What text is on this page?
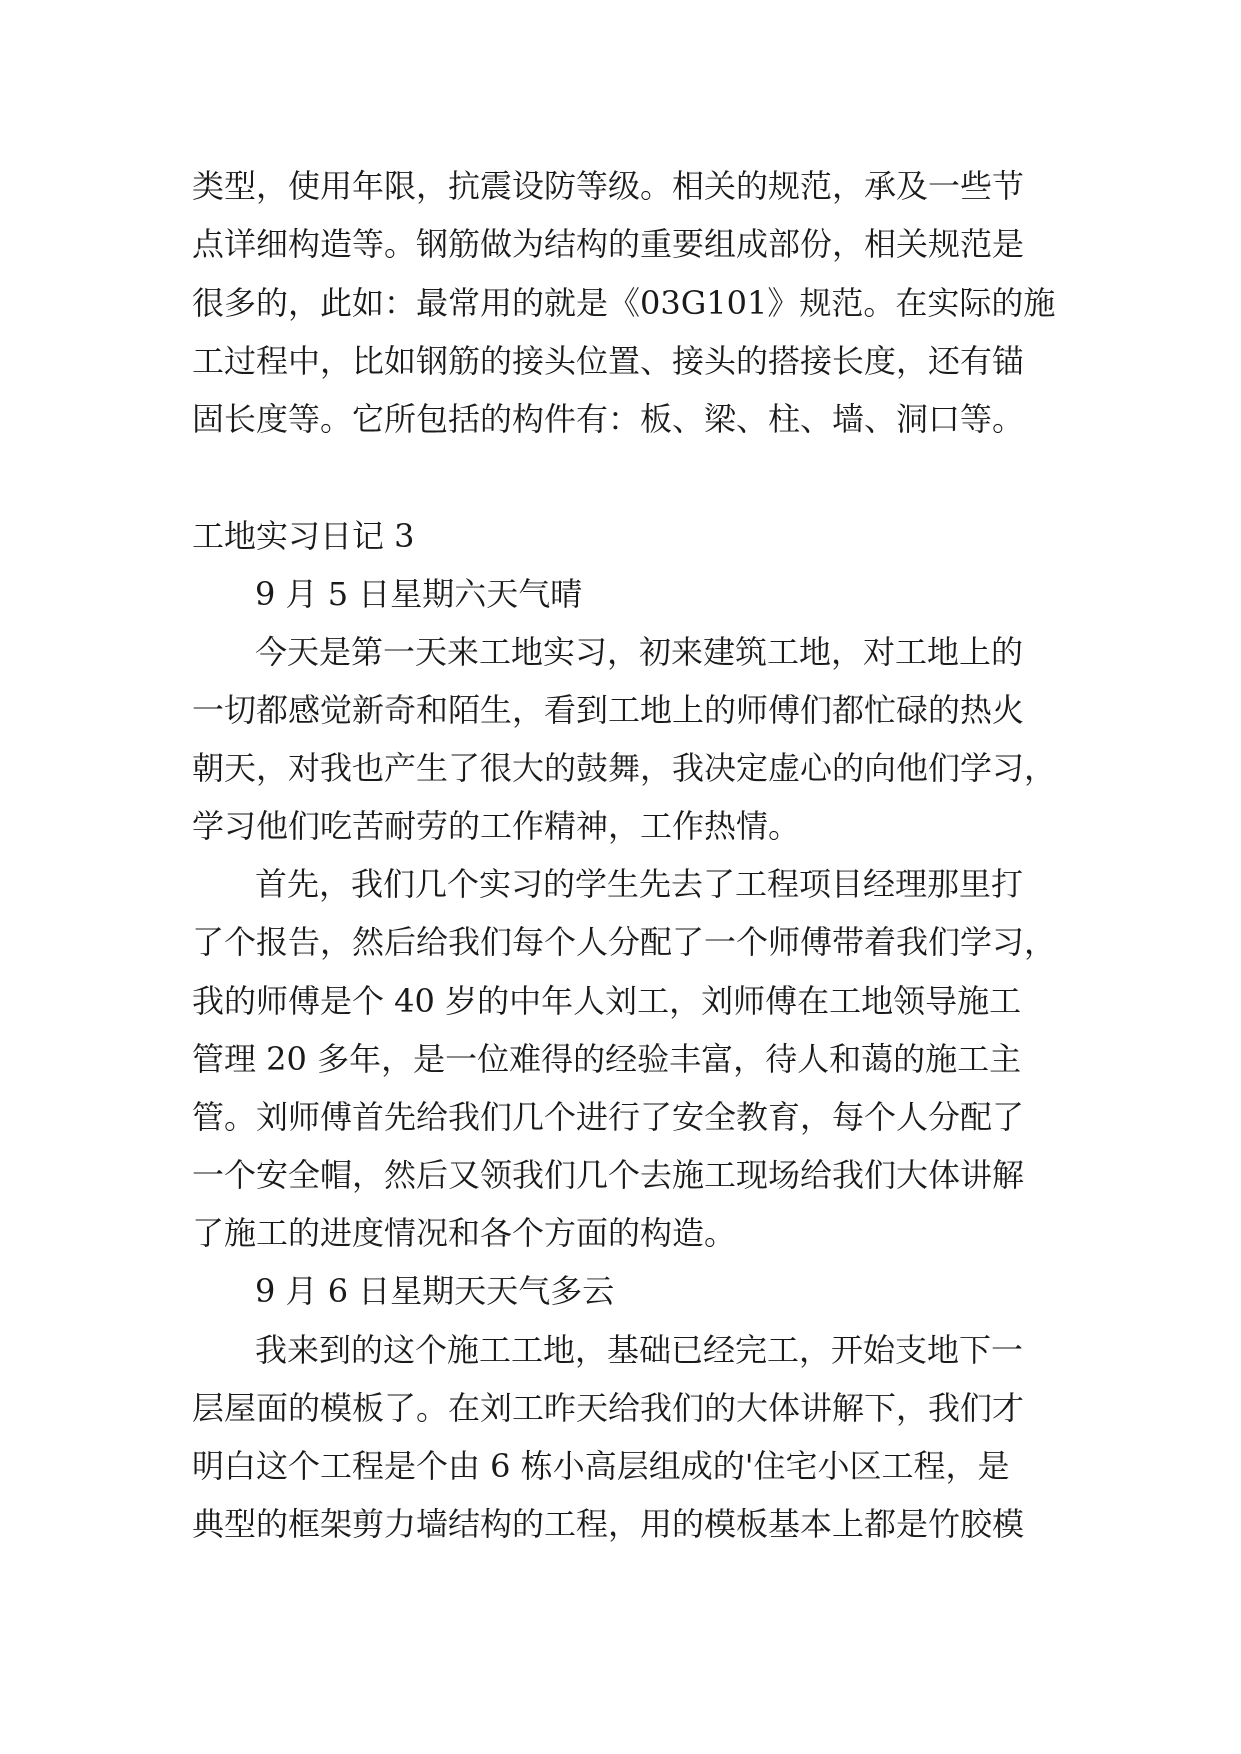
类型，使用年限，抗震设防等级。相关的规范，承及一些节
点详细构造等。钢筋做为结构的重要组成部份，相关规范是
很多的，此如：最常用的就是《03G101》规范。在实际的施
工过程中，比如钢筋的接头位置、接头的搭接长度，还有锚
固长度等。它所包括的构件有：板、梁、柱、墙、洞口等。
工地实习日记 3
9 月 5 日星期六天气晴
今天是第一天来工地实习，初来建筑工地，对工地上的
一切都感觉新奇和陌生，看到工地上的师傅们都忙碌的热火
朝天，对我也产生了很大的鼓舞，我决定虚心的向他们学习，
学习他们吃苦耐劳的工作精神，工作热情。
首先，我们几个实习的学生先去了工程项目经理那里打
了个报告，然后给我们每个人分配了一个师傅带着我们学习，
我的师傅是个 40 岁的中年人刘工，刘师傅在工地领导施工
管理 20 多年，是一位难得的经验丰富，待人和蔼的施工主
管。刘师傅首先给我们几个进行了安全教育，每个人分配了
一个安全帽，然后又领我们几个去施工现场给我们大体讲解
了施工的进度情况和各个方面的构造。
9 月 6 日星期天天气多云
我来到的这个施工工地，基础已经完工，开始支地下一
层屋面的模板了。在刘工昨天给我们的大体讲解下，我们才
明白这个工程是个由 6 栋小高层组成的'住宅小区工程，是
典型的框架剪力墙结构的工程，用的模板基本上都是竹胶模
